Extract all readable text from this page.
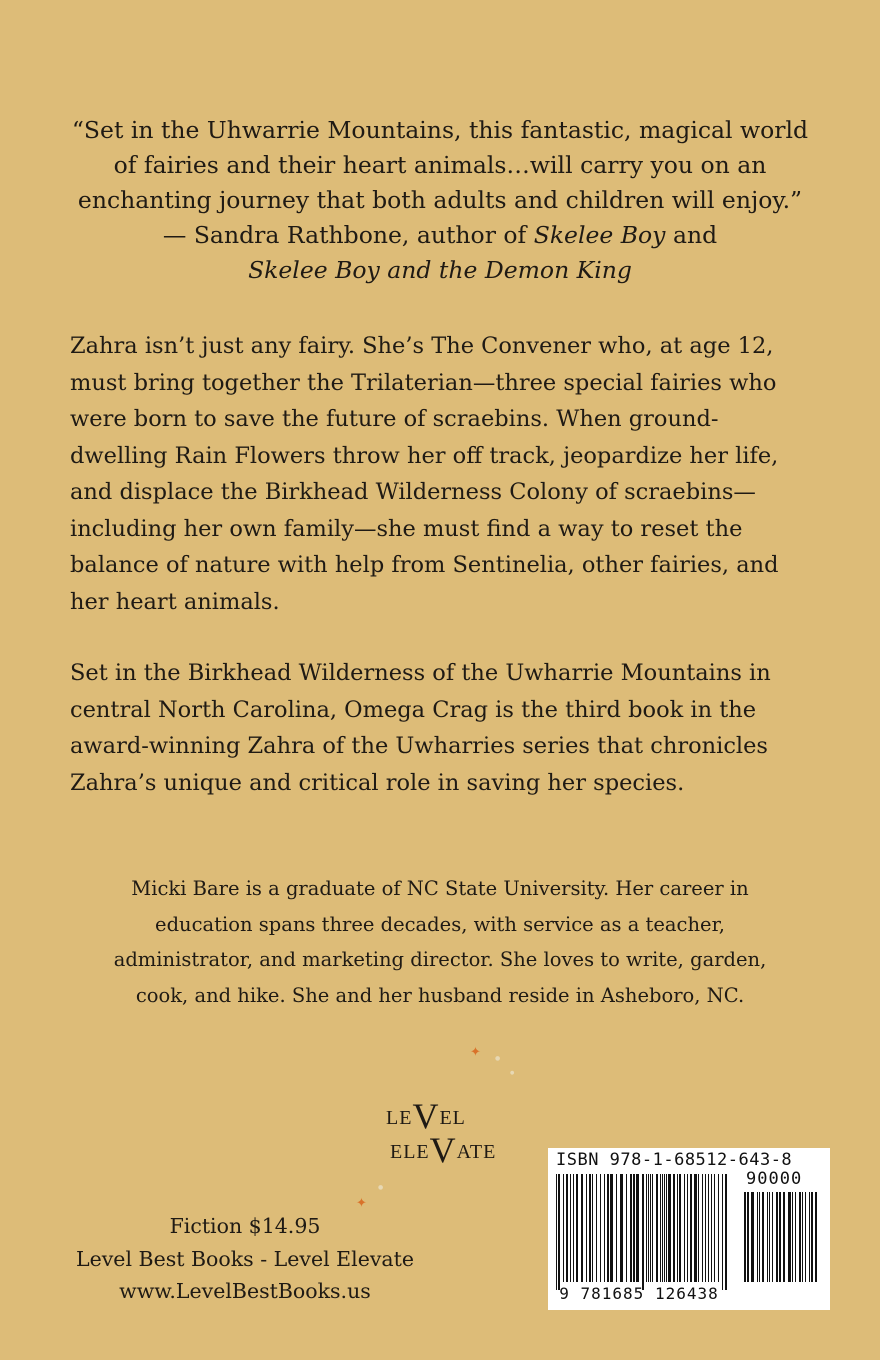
“Set in the Uhwarrie Mountains, this fantastic, magical world

of fairies and their heart animals…will carry you on an

enchanting journey that both adults and children will enjoy.”

— Sandra Rathbone, author of Skelee Boy and

Skelee Boy and the Demon King

Zahra isn’t just any fairy. She’s The Convener who, at age 12, must bring together the Trilaterian—three special fairies who were born to save the future of scraebins. When ground-dwelling Rain Flowers throw her off track, jeopardize her life, and displace the Birkhead Wilderness Colony of scraebins—including her own family—she must find a way to reset the balance of nature with help from Sentinelia, other fairies, and her heart animals.

Set in the Birkhead Wilderness of the Uwharrie Mountains in central North Carolina, Omega Crag is the third book in the award-winning Zahra of the Uwharries series that chronicles Zahra’s unique and critical role in saving her species.

Micki Bare is a graduate of NC State University. Her career in education spans three decades, with service as a teacher, administrator, and marketing director. She loves to write, garden, cook, and hike. She and her husband reside in Asheboro, NC.

✦ ●
●
✦
●
LEVEL
ELEVATE
Fiction $14.95
Level Best Books - Level Elevate
www.LevelBestBooks.us
ISBN 978-1-68512-643-8
90000
9 781685 126438
